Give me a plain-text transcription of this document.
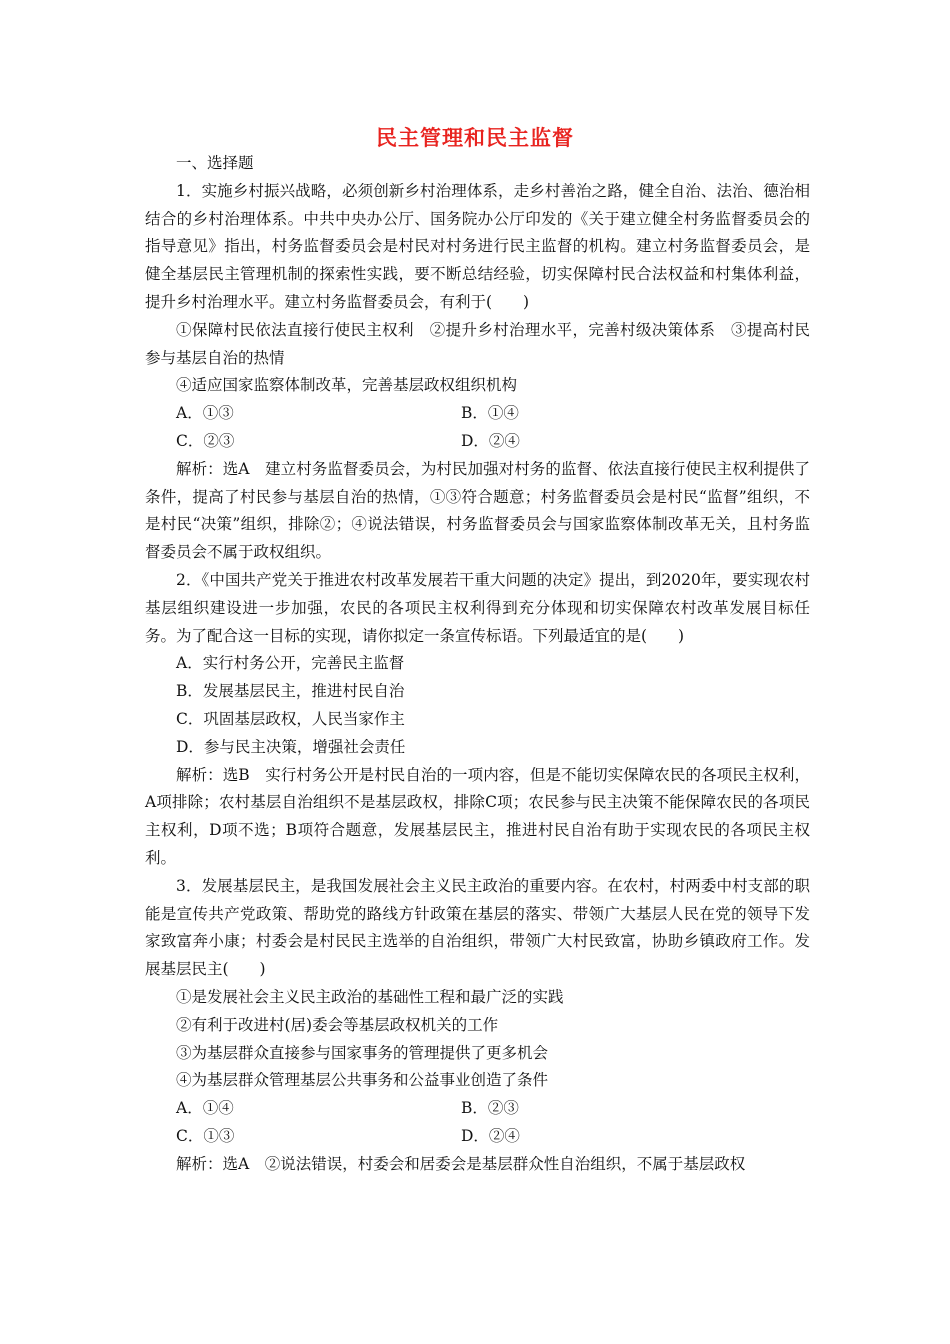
民主管理和民主监督

一、选择题

1．实施乡村振兴战略，必须创新乡村治理体系，走乡村善治之路，健全自治、法治、德治相结合的乡村治理体系。中共中央办公厅、国务院办公厅印发的《关于建立健全村务监督委员会的指导意见》指出，村务监督委员会是村民对村务进行民主监督的机构。建立村务监督委员会，是健全基层民主管理机制的探索性实践，要不断总结经验，切实保障村民合法权益和村集体利益，提升乡村治理水平。建立村务监督委员会，有利于(　　)

①保障村民依法直接行使民主权利　②提升乡村治理水平，完善村级决策体系　③提高村民参与基层自治的热情

④适应国家监察体制改革，完善基层政权组织机构

A．①③	B．①④
C．②③	D．②④

解析：选A　建立村务监督委员会，为村民加强对村务的监督、依法直接行使民主权利提供了条件，提高了村民参与基层自治的热情，①③符合题意；村务监督委员会是村民“监督”组织，不是村民“决策”组织，排除②；④说法错误，村务监督委员会与国家监察体制改革无关，且村务监督委员会不属于政权组织。

2．《中国共产党关于推进农村改革发展若干重大问题的决定》提出，到2020年，要实现农村基层组织建设进一步加强，农民的各项民主权利得到充分体现和切实保障农村改革发展目标任务。为了配合这一目标的实现，请你拟定一条宣传标语。下列最适宜的是(　　)

A．实行村务公开，完善民主监督
B．发展基层民主，推进村民自治
C．巩固基层政权，人民当家作主
D．参与民主决策，增强社会责任

解析：选B　实行村务公开是村民自治的一项内容，但是不能切实保障农民的各项民主权利，A项排除；农村基层自治组织不是基层政权，排除C项；农民参与民主决策不能保障农民的各项民主权利，D项不选；B项符合题意，发展基层民主，推进村民自治有助于实现农民的各项民主权利。

3．发展基层民主，是我国发展社会主义民主政治的重要内容。在农村，村两委中村支部的职能是宣传共产党政策、帮助党的路线方针政策在基层的落实、带领广大基层人民在党的领导下发家致富奔小康；村委会是村民民主选举的自治组织，带领广大村民致富，协助乡镇政府工作。发展基层民主(　　)

①是发展社会主义民主政治的基础性工程和最广泛的实践

②有利于改进村(居)委会等基层政权机关的工作

③为基层群众直接参与国家事务的管理提供了更多机会

④为基层群众管理基层公共事务和公益事业创造了条件

A．①④	B．②③
C．①③	D．②④

解析：选A　②说法错误，村委会和居委会是基层群众性自治组织，不属于基层政权
